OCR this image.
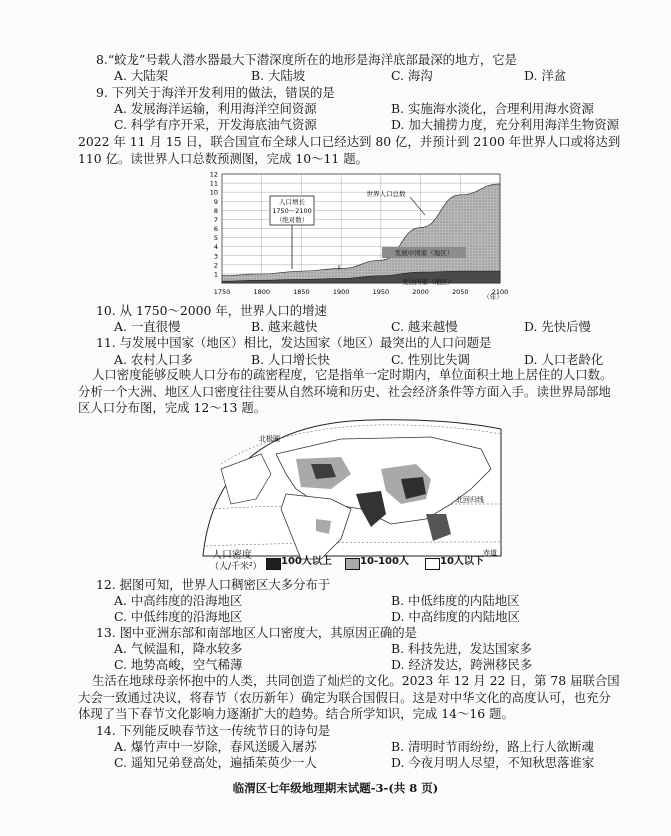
8.“蛟龙”号载人潜水器最大下潜深度所在的地形是海洋底部最深的地方，它是
A. 大陆架	B. 大陆坡	C. 海沟	D. 洋盆
9. 下列关于海洋开发利用的做法，错误的是
A. 发展海洋运输，利用海洋空间资源	B. 实施海水淡化，合理利用海水资源
C. 科学有序开采，开发海底油气资源	D. 加大捕捞力度，充分利用海洋生物资源
2022 年 11 月 15 日，联合国宣布全球人口已经达到 80 亿，并预计到 2100 年世界人口或将达到
110 亿。读世界人口总数预测图，完成 10～11 题。
1
2
3
4
5
6
7
8
9
10
11
12
1750	1800	1850	1900	1950	2000	2050	2100
人口增长
1750～2100
（绝对数）
世界人口总数
发展中国家（地区）
发达国家（地区）
（年）
10. 从 1750～2000 年，世界人口的增速
A. 一直很慢	B. 越来越快	C. 越来越慢	D. 先快后慢
11. 与发展中国家（地区）相比，发达国家（地区）最突出的人口问题是
A. 农村人口多	B. 人口增长快	C. 性别比失调	D. 人口老龄化
人口密度能够反映人口分布的疏密程度，它是指单一定时期内，单位面积土地上居住的人口数。
分析一个大洲、地区人口密度往往要从自然环境和历史、社会经济条件等方面入手。读世界局部地
区人口分布图，完成 12～13 题。
北极圈
北回归线
赤道
人口密度
（人/千米²） 100人以上	10-100人	10人以下
12. 据图可知，世界人口稠密区大多分布于
A. 中高纬度的沿海地区	B. 中低纬度的内陆地区
C. 中低纬度的沿海地区	D. 中高纬度的内陆地区
13. 图中亚洲东部和南部地区人口密度大，其原因正确的是
A. 气候温和，降水较多	B. 科技先进，发达国家多
C. 地势高峻，空气稀薄	D. 经济发达，跨洲移民多
生活在地球母亲怀抱中的人类，共同创造了灿烂的文化。2023 年 12 月 22 日，第 78 届联合国
大会一致通过决议，将春节（农历新年）确定为联合国假日。这是对中华文化的高度认可，也充分
体现了当下春节文化影响力逐渐扩大的趋势。结合所学知识，完成 14～16 题。
14. 下列能反映春节这一传统节日的诗句是
A. 爆竹声中一岁除，春风送暖入屠苏	B. 清明时节雨纷纷，路上行人欲断魂
C. 遥知兄弟登高处，遍插茱萸少一人	D. 今夜月明人尽望，不知秋思落谁家
临渭区七年级地理期末试题-3-(共 8 页)
